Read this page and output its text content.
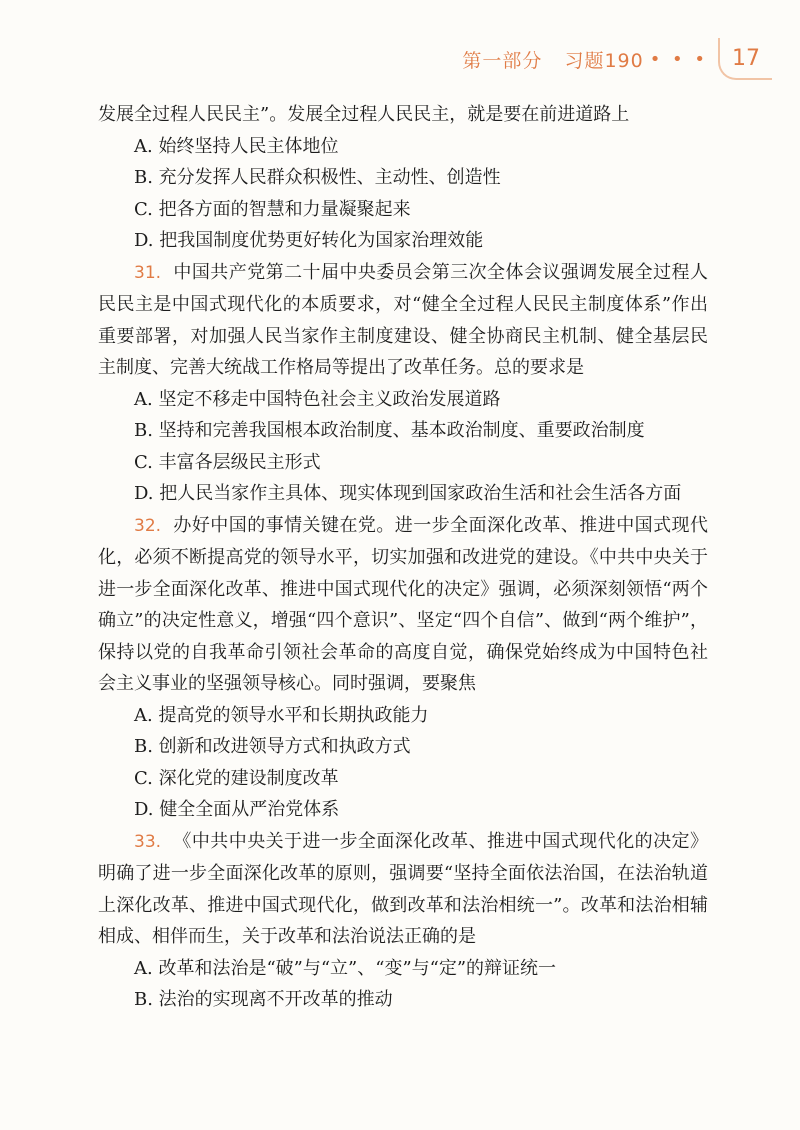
第一部分 习题190 • • • 17

发展全过程人民民主”。发展全过程人民民主，就是要在前进道路上

A. 始终坚持人民主体地位

B. 充分发挥人民群众积极性、主动性、创造性

C. 把各方面的智慧和力量凝聚起来

D. 把我国制度优势更好转化为国家治理效能

31. 中国共产党第二十届中央委员会第三次全体会议强调发展全过程人民民主是中国式现代化的本质要求，对“健全全过程人民民主制度体系”作出重要部署，对加强人民当家作主制度建设、健全协商民主机制、健全基层民主制度、完善大统战工作格局等提出了改革任务。总的要求是

A. 坚定不移走中国特色社会主义政治发展道路

B. 坚持和完善我国根本政治制度、基本政治制度、重要政治制度

C. 丰富各层级民主形式

D. 把人民当家作主具体、现实体现到国家政治生活和社会生活各方面

32. 办好中国的事情关键在党。进一步全面深化改革、推进中国式现代化，必须不断提高党的领导水平，切实加强和改进党的建设。《中共中央关于进一步全面深化改革、推进中国式现代化的决定》强调，必须深刻领悟“两个确立”的决定性意义，增强“四个意识”、坚定“四个自信”、做到“两个维护”，保持以党的自我革命引领社会革命的高度自觉，确保党始终成为中国特色社会主义事业的坚强领导核心。同时强调，要聚焦

A. 提高党的领导水平和长期执政能力

B. 创新和改进领导方式和执政方式

C. 深化党的建设制度改革

D. 健全全面从严治党体系

33. 《中共中央关于进一步全面深化改革、推进中国式现代化的决定》明确了进一步全面深化改革的原则，强调要“坚持全面依法治国，在法治轨道上深化改革、推进中国式现代化，做到改革和法治相统一”。改革和法治相辅相成、相伴而生，关于改革和法治说法正确的是

A. 改革和法治是“破”与“立”、“变”与“定”的辩证统一

B. 法治的实现离不开改革的推动
